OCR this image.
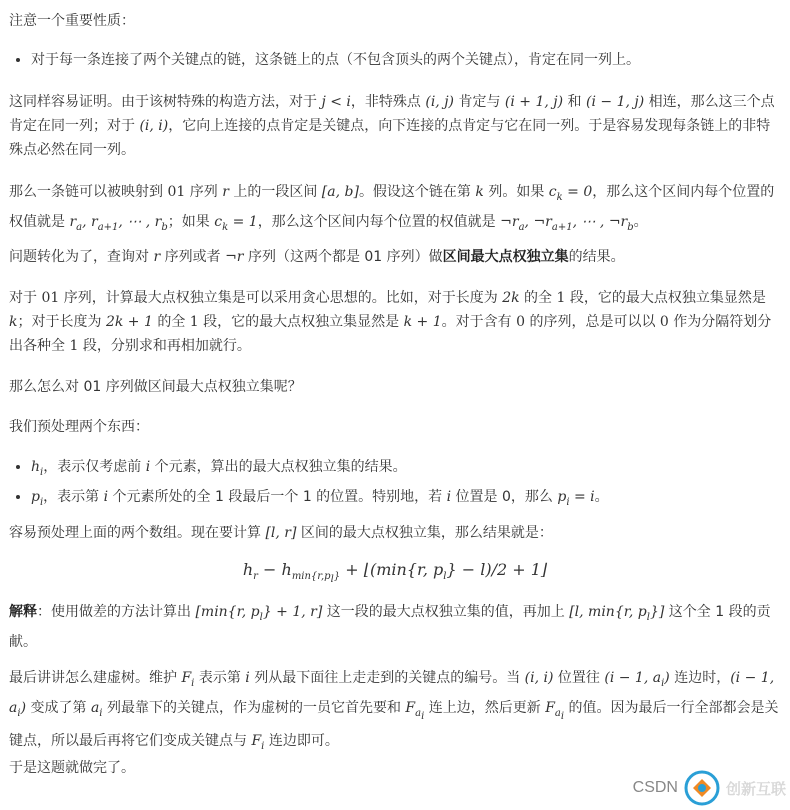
注意一个重要性质：

• 对于每一条连接了两个关键点的链，这条链上的点（不包含顶头的两个关键点），肯定在同一列上。

这同样容易证明。由于该树特殊的构造方法，对于 j < i，非特殊点 (i, j) 肯定与 (i + 1, j) 和 (i − 1, j) 相连，那么这三个点肯定在同一列；对于 (i, i)，它向上连接的点肯定是关键点，向下连接的点肯定与它在同一列。于是容易发现每条链上的非特殊点必然在同一列。

那么一条链可以被映射到 01 序列 r 上的一段区间 [a, b]。假设这个链在第 k 列。如果 $c_k = 0$，那么这个区间内每个位置的权值就是 $r_a$, $r_{a+1}$, ⋯ , $r_b$；如果 $c_k = 1$，那么这个区间内每个位置的权值就是 $\neg r_a$, $\neg r_{a+1}$, ⋯ , $\neg r_b$。

问题转化为了，查询对 r 序列或者 ¬r 序列（这两个都是 01 序列）做区间最大点权独立集的结果。

对于 01 序列，计算最大点权独立集是可以采用贪心思想的。比如，对于长度为 2k 的全 1 段，它的最大点权独立集显然是 k；对于长度为 2k + 1 的全 1 段，它的最大点权独立集显然是 k + 1。对于含有 0 的序列，总是可以以 0 作为分隔符划分出各种全 1 段，分别求和再相加就行。

那么怎么对 01 序列做区间最大点权独立集呢？

我们预处理两个东西：

• $h_i$，表示仅考虑前 i 个元素，算出的最大点权独立集的结果。
• $p_i$，表示第 i 个元素所处的全 1 段最后一个 1 的位置。特别地，若 i 位置是 0，那么 $p_i = i$。

容易预处理上面的两个数组。现在要计算 [l, r] 区间的最大点权独立集，那么结果就是：

$h_r - h_{min\{r,p_l\}}$ + ⌊(min{r, $p_l\} - l)/2$ + 1⌋

解释：使用做差的方法计算出 [min{r, $p_l\} + 1$, r] 这一段的最大点权独立集的值，再加上 [l, min{r, $p_l$}] 这个全 1 段的贡献。

最后讲讲怎么建虚树。维护 $F_i$ 表示第 i 列从最下面往上走走到的关键点的编号。当 (i, i) 位置往 (i − 1, $a_i$) 连边时，(i − 1, $a_i$) 变成了第 $a_i$ 列最靠下的关键点，作为虚树的一员它首先要和 $F_{a_i}$ 连上边，然后更新 $F_{a_i}$ 的值。因为最后一行全部都会是关键点，所以最后再将它们变成关键点与 $F_i$ 连边即可。

于是这题就做完了。

CSDN	创新互联
